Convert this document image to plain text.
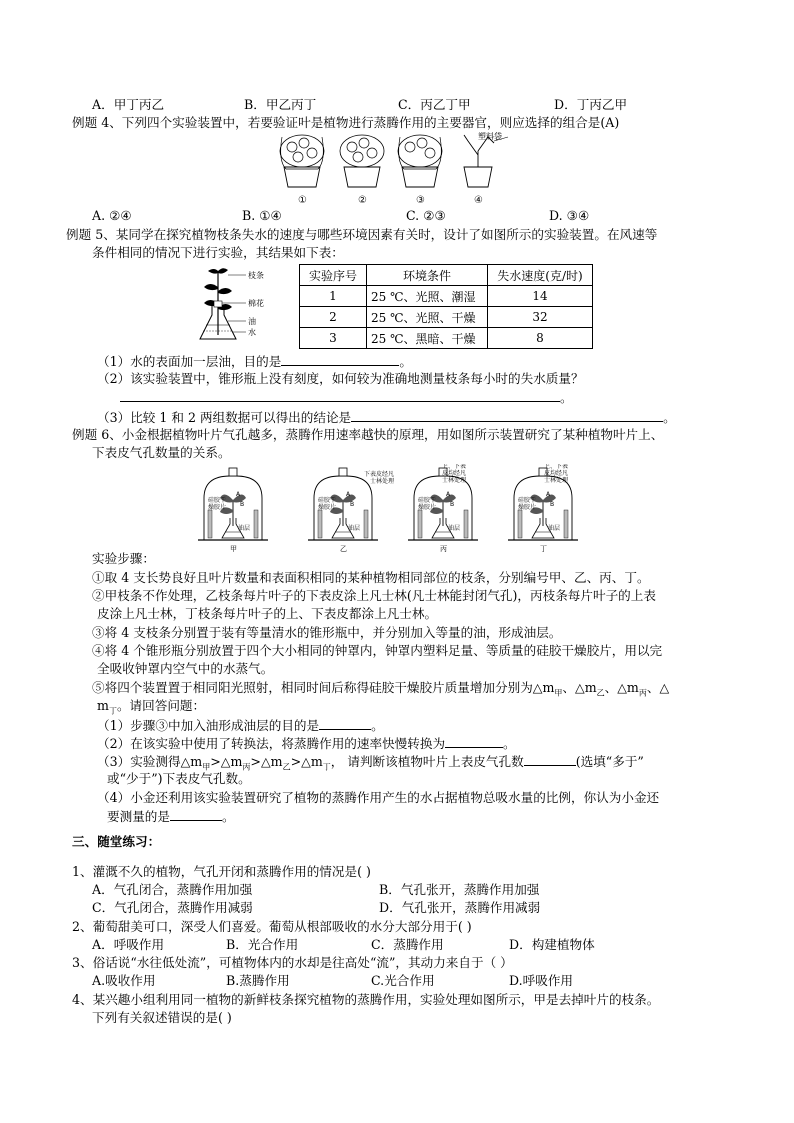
A．甲丁丙乙	B．甲乙丙丁	C．丙乙丁甲	D．丁丙乙甲
例题 4、下列四个实验装置中，若要验证叶是植物进行蒸腾作用的主要器官，则应选择的组合是(A)
塑料袋
①	②	③	④
A. ②④	B. ①④	C. ②③	D. ③④
例题 5、某同学在探究植物枝条失水的速度与哪些环境因素有关时，设计了如图所示的实验装置。在风速等
条件相同的情况下进行实验，其结果如下表：
枝条
棉花
油
水
实验序号	环境条件	失水速度(克/时)
1	25 ℃、光照、潮湿	14
2	25 ℃、光照、干燥	32
3	25 ℃、黑暗、干燥	8
（1）水的表面加一层油，目的是	。
（2）该实验装置中，锥形瓶上没有刻度，如何较为准确地测量枝条每小时的失水质量？
。
（3）比较 1 和 2 两组数据可以得出的结论是	。
例题 6、小金根据植物叶片气孔越多，蒸腾作用速率越快的原理，用如图所示装置研究了某种植物叶片上、
下表皮气孔数量的关系。
硅胶干
燥胶片
硅胶干
燥胶片
硅胶干
燥胶片
硅胶干
燥胶片
油层	油层	油层	油层
A
B
A
B
A
B
A
B
下表皮经凡
士林处理
上、下表
皮均经凡
士林处理
上、下表
皮均经凡
士林处理
甲	乙	丙	丁
实验步骤：
①取 4 支长势良好且叶片数量和表面积相同的某种植物相同部位的枝条，分别编号甲、乙、丙、丁。
②甲枝条不作处理，乙枝条每片叶子的下表皮涂上凡士林(凡士林能封闭气孔)，丙枝条每片叶子的上表
皮涂上凡士林，丁枝条每片叶子的上、下表皮都涂上凡士林。
③将 4 支枝条分别置于装有等量清水的锥形瓶中，并分别加入等量的油，形成油层。
④将 4 个锥形瓶分别放置于四个大小相同的钟罩内，钟罩内塑料足量、等质量的硅胶干燥胶片，用以完
全吸收钟罩内空气中的水蒸气。
⑤将四个装置置于相同阳光照射，相同时间后称得硅胶干燥胶片质量增加分别为$\triangle m_甲$、$\triangle m_乙$、$\triangle m_丙$、△
$m_丁$。请回答问题：
（1）步骤③中加入油形成油层的目的是	。
（2）在该实验中使用了转换法，将蒸腾作用的速率快慢转换为	。
（3）实验测得$\triangle m_甲>\triangle m_丙>\triangle m_乙>\triangle m_丁$， 请判断该植物叶片上表皮气孔数	(选填“多于”
或“少于”)下表皮气孔数。
（4）小金还利用该实验装置研究了植物的蒸腾作用产生的水占据植物总吸水量的比例，你认为小金还
要测量的是	。
三、随堂练习：
1、灌溉不久的植物，气孔开闭和蒸腾作用的情况是( )
A．气孔闭合，蒸腾作用加强	B．气孔张开，蒸腾作用加强
C．气孔闭合，蒸腾作用减弱	D．气孔张开，蒸腾作用减弱
2、葡萄甜美可口，深受人们喜爱。葡萄从根部吸收的水分大部分用于( )
A．呼吸作用	B．光合作用	C．蒸腾作用	D．构建植物体
3、俗话说“水往低处流”，可植物体内的水却是往高处“流”，其动力来自于（ ）
A.吸收作用	B.蒸腾作用	C.光合作用	D.呼吸作用
4、某兴趣小组利用同一植物的新鲜枝条探究植物的蒸腾作用，实验处理如图所示，甲是去掉叶片的枝条。
下列有关叙述错误的是( )
